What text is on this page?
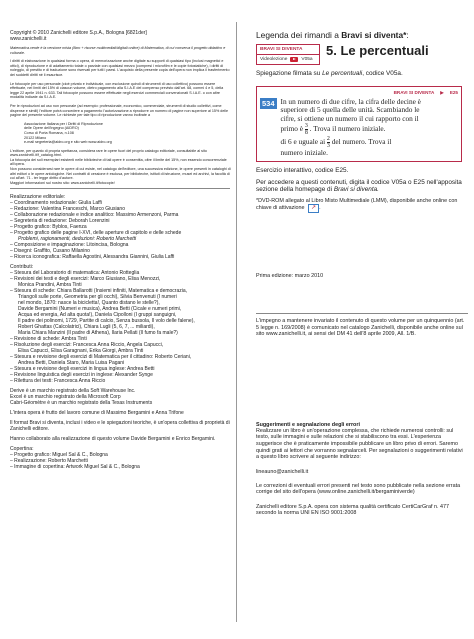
Copyright © 2010 Zanichelli editore S.p.A., Bologna [6821der]

www.zanichelli.it

Matematica.verde è la versione mista (libro + risorse multimediali/digitali online) di Matematica, di cui conserva il progetto didattico e culturale.

I diritti di elaborazione in qualsiasi forma o opera, di memorizzazione anche digitale su supporti di qualsiasi tipo (inclusi magnetici e ottici), di riproduzione e di adattamento totale o parziale con qualsiasi mezzo (compresi i microfilm e le copie fotostatiche), i diritti di noleggio, di prestito e di traduzione sono riservati per tutti i paesi. L'acquisto della presente copia dell'opera non implica il trasferimento dei suddetti diritti né li esaurisce.

Le fotocopie per uso personale (cioè privato e individuale, con esclusione quindi di strumenti di uso collettivo) possono essere effettuate, nei limiti del 15% di ciascun volume, dietro pagamento alla S.I.A.E del compenso previsto dall'art. 68, commi 4 e 5, della legge 22 aprile 1941 n. 633. Tali fotocopie possono essere effettuate negli esercizi commerciali convenzionati S.I.A.E. o con altre modalità indicate da S.I.A.E.

Per le riproduzioni ad uso non personale (ad esempio: professionale, economico, commerciale, strumenti di studio collettivi, come dispense e simili) l'editore potrà concedere a pagamento l'autorizzazione a riprodurre un numero di pagine non superiore al 15% delle pagine del presente volume. Le richieste per tale tipo di riproduzione vanno inoltrate a

Associazione Italiana per i Diritti di Riproduzione

delle Opere dell'ingegno (AIDRO)

Corso di Porta Romana, n.108

20122 Milano

e-mail segreteria@aidro.org e sito web www.aidro.org

L'editore, per quanto di propria spettanza, considera rare le opere fuori del proprio catalogo editoriale, consultabile al sito www.zanichelli.it/f_catalog.html.

La fotocopia dei soli esemplari esistenti nelle biblioteche di tali opere è consentita, oltre il limite del 15%, non essendo concorrenziale all'opera.

Non possono considerarsi rare le opere di cui esiste, nel catalogo dell'editore, una successiva edizione, le opere presenti in cataloghi di altri editori o le opere antologiche. Nei contratti di cessione è esclusa, per biblioteche, istituti di istruzione, musei ed archivi, la facoltà di cui all'art. 71 - ter legge diritto d'autore.

Maggiori informazioni sul nostro sito: www.zanichelli.it/fotocopie/

Realizzazione editoriale:

– Coordinamento redazionale: Giulia Laffi

– Redazione: Valentina Franceschi, Marco Giusiano

– Collaborazione redazionale e indice analitico: Massimo Armenzoni, Parma

– Segreteria di redazione: Deborah Lorenzini

– Progetto grafico: Byblos, Faenza

– Progetto grafico delle pagine I-XVI, delle aperture di capitolo e delle schede

Problemi, ragionamenti, deduzioni: Roberto Marchetti

– Composizione e impaginazione: Litoincisa, Bologna

– Disegni: Graffito, Cusano Milanino

– Ricerca iconografica: Raffaella Agostini, Alessandra Giannini, Giulia Laffi

Contributi:

– Stesura del Laboratorio di matematica: Antonio Rotteglia

– Revisioni dei testi e degli esercizi: Marco Giusiano, Elisa Menozzi,

Monica Prandini, Ambra Tinti

– Stesura di schede: Chiara Ballarotti (Insiemi infiniti, Matematica e democrazia,

Triangoli sulle porte, Geometria per gli occhi), Silvia Benvenuti (I numeri

nel mondo, 1870: nasce la bicicletta!, Quanto distano le stelle?),

Davide Bergamini (Numeri e musica), Andrea Betti (Cicale e numeri primi,

Acqua ed energia, Ad alta quota!), Daniela Cipolloni (I gruppi sanguigni,

Il padre dei polinomi, 1729, Partite di calcio, Senza bussola, Il volo delle falene),

Robert Ghattas (Calcolatrici), Chiara Lugli (5, 6, 7, ... miliardi),

Maria Chiara Manzini (Il padre di Athena), Ilaria Pellati (Il fumo fa male?)

– Revisione di schede: Ambra Tinti

– Risoluzione degli esercizi: Francesca Anna Riccio, Angela Capucci,

Elisa Capucci, Elisa Garagnani, Erika Giorgi, Ambra Tinti

– Stesura e revisione degli esercizi di Matematica per il cittadino: Roberto Ceriani,

Andrea Betti, Daniela Staro, Maria Luisa Pagani

– Stesura e revisione degli esercizi in lingua inglese: Andrea Betti

– Revisione linguistica degli esercizi in inglese: Alexander Synge

– Rilettura dei testi: Francesca Anna Riccio

Derive è un marchio registrato della Soft Warehouse Inc.

Excel è un marchio registrato della Microsoft Corp

Cabri-Géomètre è un marchio registrato della Texas Instruments

L'intera opera è frutto del lavoro comune di Massimo Bergamini e Anna Trifone

Il format Bravi si diventa, inclusi i video e le spiegazioni teoriche, è un'opera collettiva di proprietà di Zanichelli editore.

Hanno collaborato alla realizzazione di questo volume Davide Bergamini e Enrico Bergamini.

Copertina:

– Progetto grafico: Miguel Sal & C., Bologna

– Realizzazione: Roberto Marchetti

– Immagine di copertina: Artwork Miguel Sal & C., Bologna

Legenda dei rimandi a Bravi si diventa*:

BRAVI SI DIVENTA
Videolezione	V05a
5. Le percentuali

Spiegazione filmata su Le percentuali, codice V05a.

BRAVI SI DIVENTA ▶ E25
534 In un numero di due cifre, la cifra delle decine è
superiore di 5 quella delle unità. Scambiando le
cifre, si ottiene un numero il cui rapporto con il
primo è $\frac{3}{8}$ . Trova il numero iniziale.
di 6 e uguale ai $\frac{2}{3}$ del numero. Trova il
numero iniziale.

Esercizio interattivo, codice E25.

Per accedere a questi contenuti, digita il codice V05a o E25 nell'apposita sezione della homepage di Bravi si diventa.

*DVD-ROM allegato al Libro Misto Multimediale (LMM), disponibile anche online con chiave di attivazione ↗ .

Prima edizione: marzo 2010

L'impegno a mantenere invariato il contenuto di questo volume per un quinquennio (art. 5 legge n. 169/2008) è comunicato nel catalogo Zanichelli, disponibile anche online sul sito www.zanichelli.it, ai sensi del DM 41 dell'8 aprile 2009, All. 1/B.

Suggerimenti e segnalazione degli errori

Realizzare un libro è un'operazione complessa, che richiede numerosi controlli: sul testo, sulle immagini e sulle relazioni che si stabiliscono tra essi. L'esperienza suggerisce che è praticamente impossibile pubblicare un libro privo di errori. Saremo quindi grati ai lettori che vorranno segnalarceli. Per segnalazioni o suggerimenti relativi a questo libro scrivere al seguente indirizzo:

lineauno@zanichelli.it

Le correzioni di eventuali errori presenti nel testo sono pubblicate nella sezione errata corrige del sito dell'opera (www.online.zanichelli.it/bergaminiverde)

Zanichelli editore S.p.A. opera con sistema qualità certificato CertiCarGraf n. 477 secondo la norma UNI EN ISO 9001:2008
